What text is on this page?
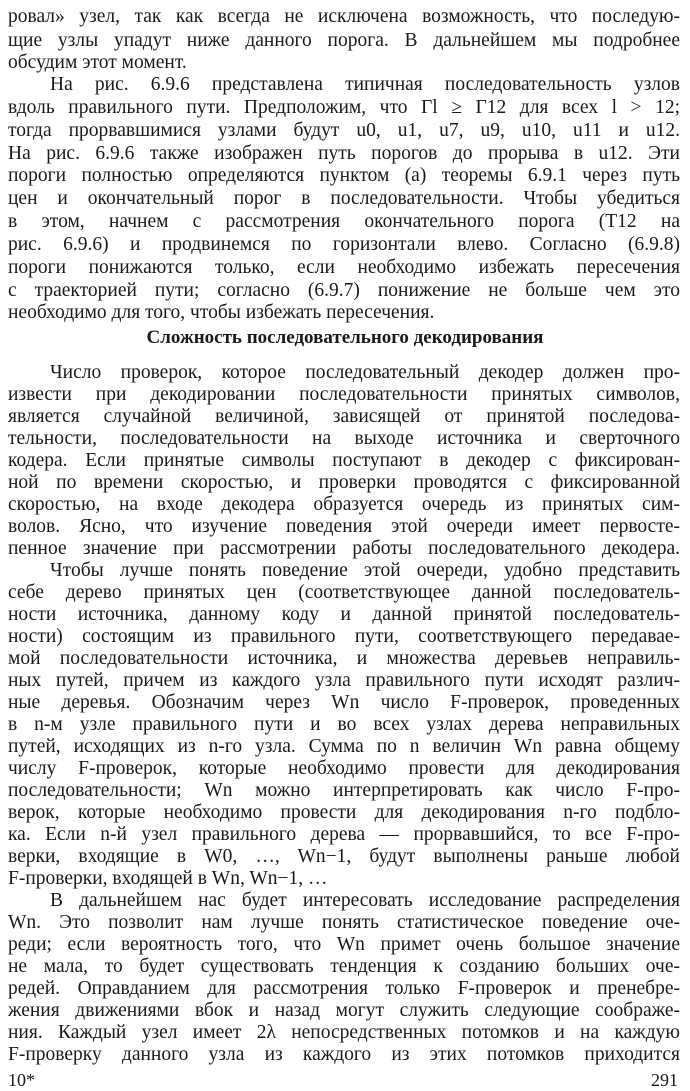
ровал» узел, так как всегда не исключена возможность, что последую-
щие узлы упадут ниже данного порога. В дальнейшем мы подробнее
обсудим этот момент.
На рис. 6.9.6 представлена типичная последовательность узлов
вдоль правильного пути. Предположим, что Γl ≥ Γ12 для всех l > 12;
тогда прорвавшимися узлами будут u0, u1, u7, u9, u10, u11 и u12.
На рис. 6.9.6 также изображен путь порогов до прорыва в u12. Эти
пороги полностью определяются пунктом (а) теоремы 6.9.1 через путь
цен и окончательный порог в последовательности. Чтобы убедиться
в этом, начнем с рассмотрения окончательного порога (T12 на
рис. 6.9.6) и продвинемся по горизонтали влево. Согласно (6.9.8)
пороги понижаются только, если необходимо избежать пересечения
с траекторией пути; согласно (6.9.7) понижение не больше чем это
необходимо для того, чтобы избежать пересечения.
Сложность последовательного декодирования
Число проверок, которое последовательный декодер должен про-
извести при декодировании последовательности принятых символов,
является случайной величиной, зависящей от принятой последова-
тельности, последовательности на выходе источника и сверточного
кодера. Если принятые символы поступают в декодер с фиксирован-
ной по времени скоростью, и проверки проводятся с фиксированной
скоростью, на входе декодера образуется очередь из принятых сим-
волов. Ясно, что изучение поведения этой очереди имеет первосте-
пенное значение при рассмотрении работы последовательного декодера.
Чтобы лучше понять поведение этой очереди, удобно представить
себе дерево принятых цен (соответствующее данной последователь-
ности источника, данному коду и данной принятой последователь-
ности) состоящим из правильного пути, соответствующего передавае-
мой последовательности источника, и множества деревьев неправиль-
ных путей, причем из каждого узла правильного пути исходят различ-
ные деревья. Обозначим через Wn число F-проверок, проведенных
в n-м узле правильного пути и во всех узлах дерева неправильных
путей, исходящих из n-го узла. Сумма по n величин Wn равна общему
числу F-проверок, которые необходимо провести для декодирования
последовательности; Wn можно интерпретировать как число F-про-
верок, которые необходимо провести для декодирования n-го подбло-
ка. Если n-й узел правильного дерева — прорвавшийся, то все F-про-
верки, входящие в W0, …, Wn−1, будут выполнены раньше любой
F-проверки, входящей в Wn, Wn−1, …
В дальнейшем нас будет интересовать исследование распределения
Wn. Это позволит нам лучше понять статистическое поведение оче-
реди; если вероятность того, что Wn примет очень большое значение
не мала, то будет существовать тенденция к созданию больших оче-
редей. Оправданием для рассмотрения только F-проверок и пренебре-
жения движениями вбок и назад могут служить следующие соображе-
10*	291
ния. Каждый узел имеет 2λ непосредственных потомков и на каждую
F-проверку данного узла из каждого из этих потомков приходится
